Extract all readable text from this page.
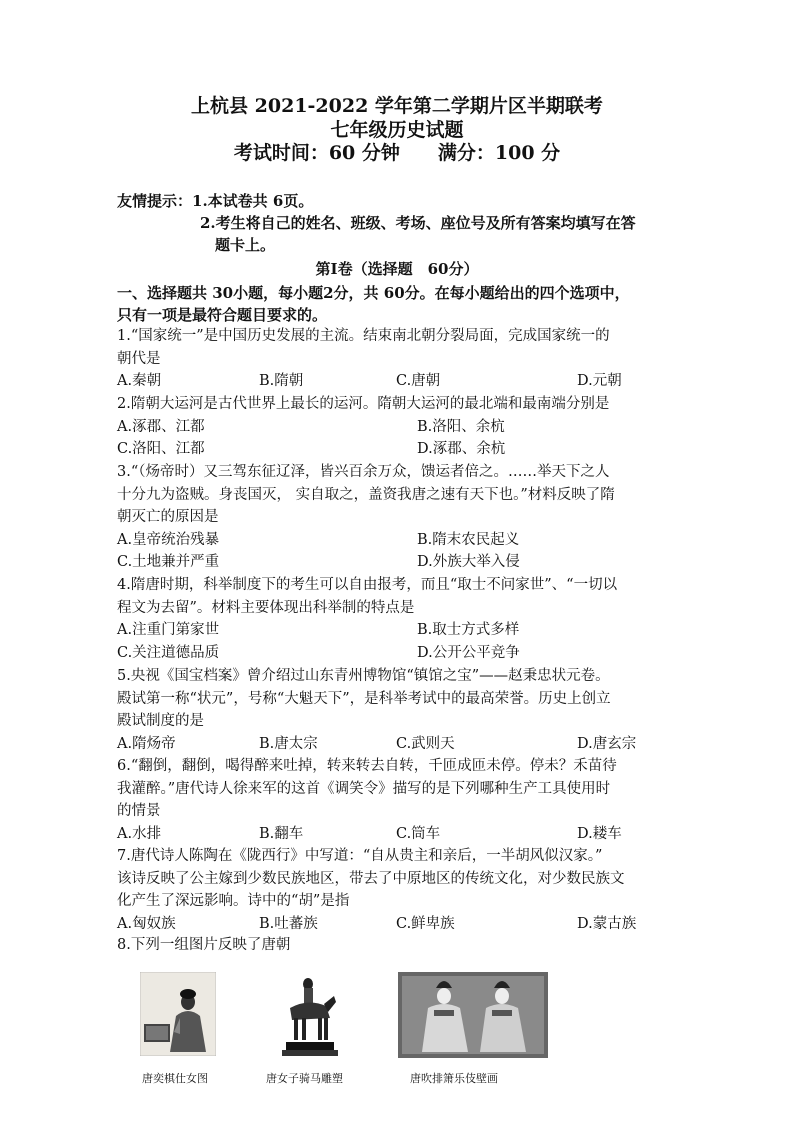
上杭县 2021-2022 学年第二学期片区半期联考
七年级历史试题
考试时间：60 分钟　　满分：100 分
友情提示：1.本试卷共 6页。
2.考生将自己的姓名、班级、考场、座位号及所有答案均填写在答
题卡上。
第Ⅰ卷（选择题　60分）
一、选择题共 30小题，每小题2分，共 60分。在每小题给出的四个选项中，
只有一项是最符合题目要求的。
1.“国家统一”是中国历史发展的主流。结束南北朝分裂局面，完成国家统一的
朝代是
A.秦朝	B.隋朝	C.唐朝	D.元朝
2.隋朝大运河是古代世界上最长的运河。隋朝大运河的最北端和最南端分别是
A.涿郡、江都	B.洛阳、余杭
C.洛阳、江都	D.涿郡、余杭
3.“（炀帝时）又三驾东征辽泽，皆兴百余万众，馈运者倍之。……举天下之人
十分九为盗贼。身丧国灭， 实自取之，盖资我唐之速有天下也。”材料反映了隋
朝灭亡的原因是
A.皇帝统治残暴	B.隋末农民起义
C.土地兼并严重	D.外族大举入侵
4.隋唐时期，科举制度下的考生可以自由报考，而且“取士不问家世”、“一切以
程文为去留”。材料主要体现出科举制的特点是
A.注重门第家世	B.取士方式多样
C.关注道德品质	D.公开公平竞争
5.央视《国宝档案》曾介绍过山东青州博物馆“镇馆之宝”——赵秉忠状元卷。
殿试第一称“状元”，号称“大魁天下”，是科举考试中的最高荣誉。历史上创立
殿试制度的是
A.隋炀帝	B.唐太宗	C.武则天	D.唐玄宗
6.“翻倒，翻倒，喝得醉来吐掉，转来转去自转，千匝成匝未停。停未？禾苗待
我灌醉。”唐代诗人徐来军的这首《调笑令》描写的是下列哪种生产工具使用时
的情景
A.水排	B.翻车	C.筒车	D.耧车
7.唐代诗人陈陶在《陇西行》中写道：“自从贵主和亲后，一半胡风似汉家。”
该诗反映了公主嫁到少数民族地区，带去了中原地区的传统文化，对少数民族文
化产生了深远影响。诗中的“胡”是指
A.匈奴族	B.吐蕃族	C.鲜卑族	D.蒙古族
8.下列一组图片反映了唐朝
唐奕棋仕女图	唐女子骑马雕塑	唐吹排箫乐伎壁画
